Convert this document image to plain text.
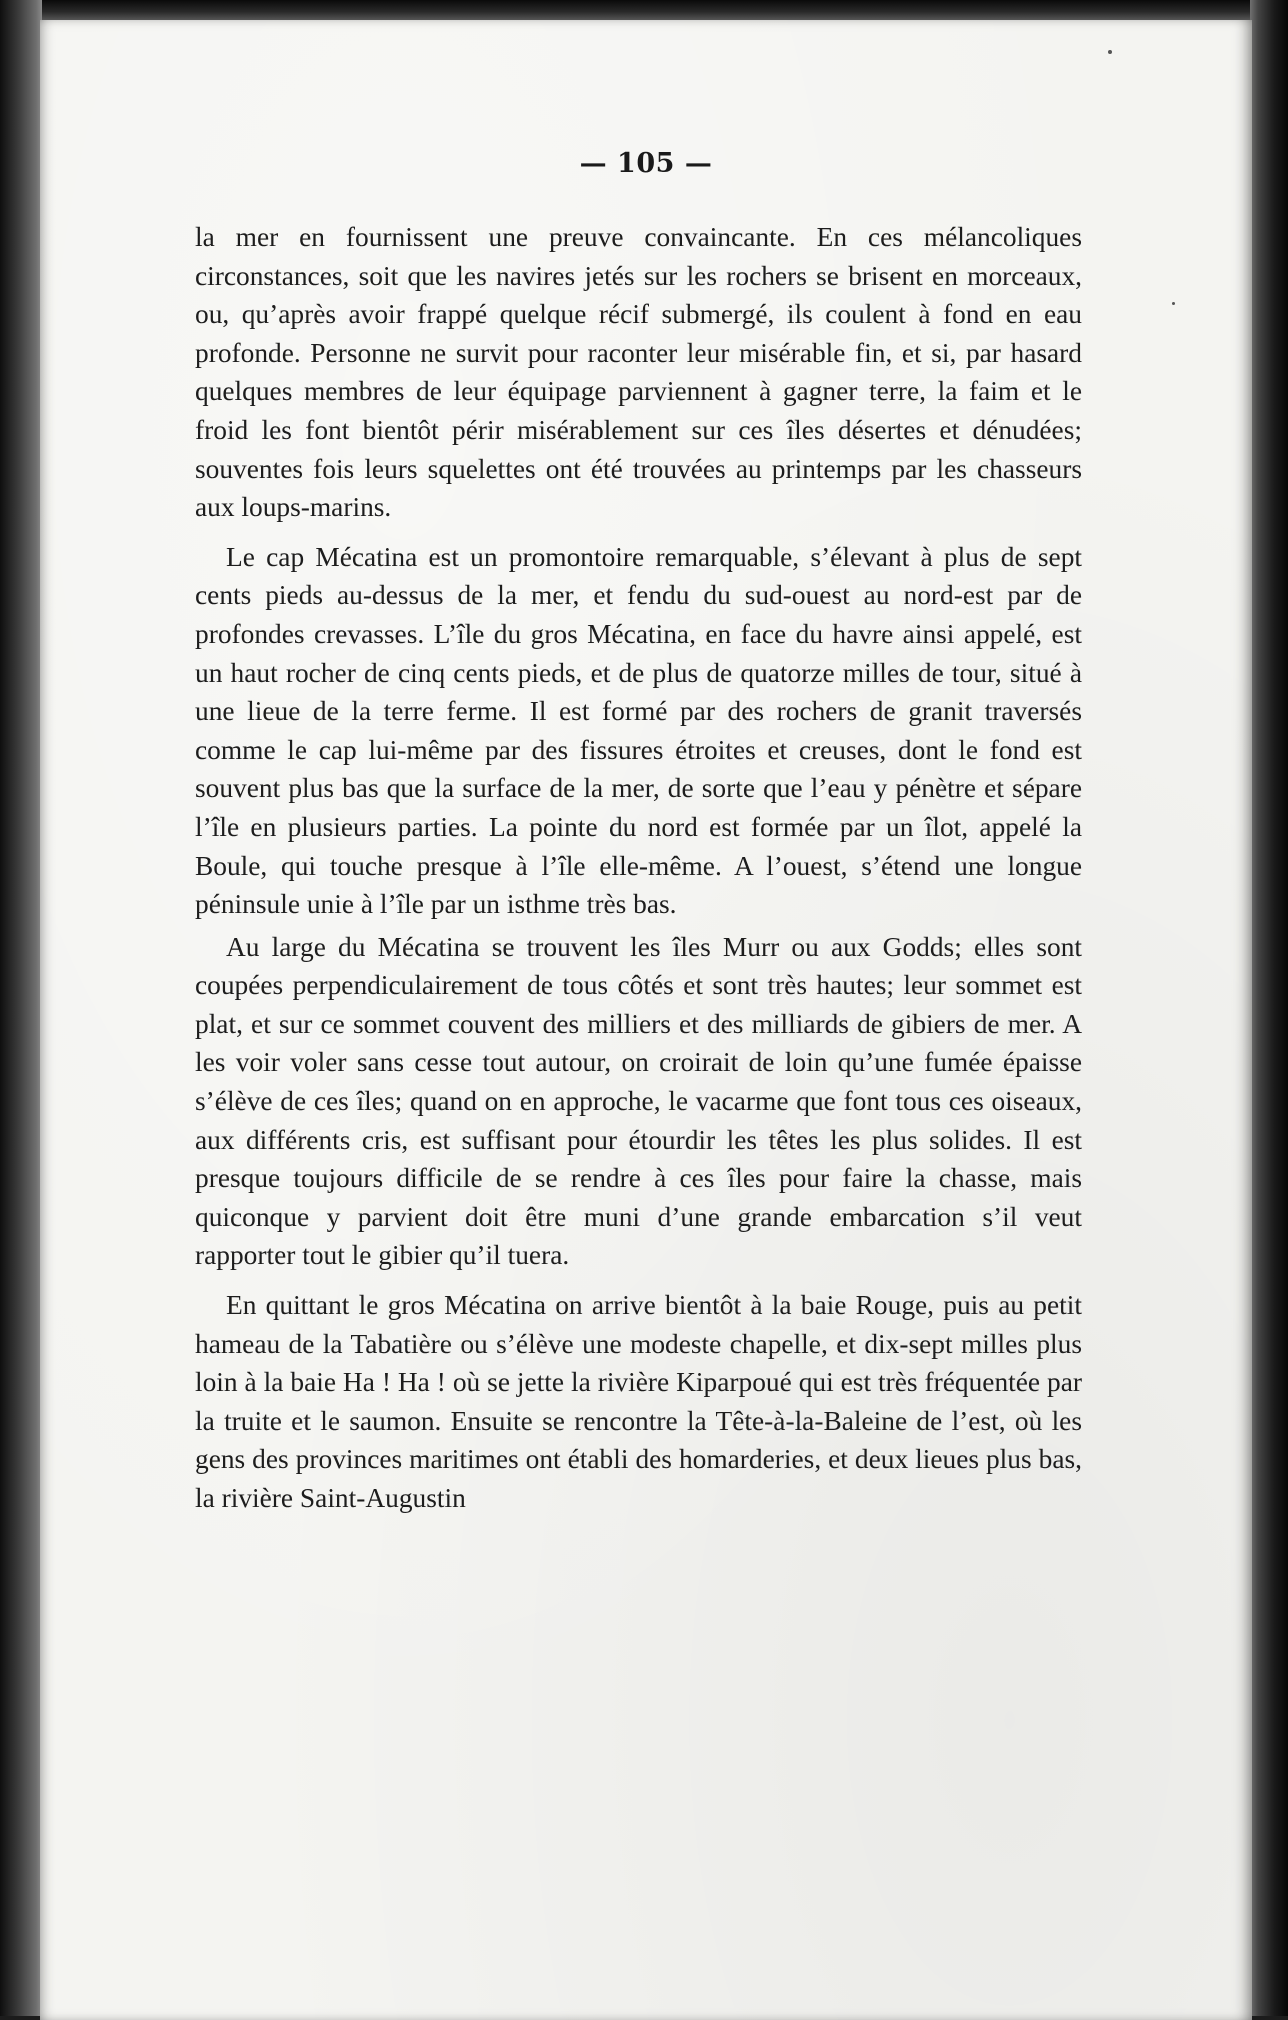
— 105 —

la mer en fournissent une preuve convaincante. En ces mélancoliques circonstances, soit que les navires jetés sur les rochers se brisent en morceaux, ou, qu’après avoir frappé quelque récif submergé, ils coulent à fond en eau profonde. Personne ne survit pour raconter leur misérable fin, et si, par hasard quelques membres de leur équipage parviennent à gagner terre, la faim et le froid les font bientôt périr misérablement sur ces îles désertes et dénudées; souventes fois leurs squelettes ont été trouvées au printemps par les chasseurs aux loups-marins.

Le cap Mécatina est un promontoire remarquable, s’élevant à plus de sept cents pieds au-dessus de la mer, et fendu du sud-ouest au nord-est par de profondes crevasses. L’île du gros Mécatina, en face du havre ainsi appelé, est un haut rocher de cinq cents pieds, et de plus de quatorze milles de tour, situé à une lieue de la terre ferme. Il est formé par des rochers de granit traversés comme le cap lui-même par des fissures étroites et creuses, dont le fond est souvent plus bas que la surface de la mer, de sorte que l’eau y pénètre et sépare l’île en plusieurs parties. La pointe du nord est formée par un îlot, appelé la Boule, qui touche presque à l’île elle-même. A l’ouest, s’étend une longue péninsule unie à l’île par un isthme très bas.

Au large du Mécatina se trouvent les îles Murr ou aux Godds; elles sont coupées perpendiculairement de tous côtés et sont très hautes; leur sommet est plat, et sur ce sommet couvent des milliers et des milliards de gibiers de mer. A les voir voler sans cesse tout autour, on croirait de loin qu’une fumée épaisse s’élève de ces îles; quand on en approche, le vacarme que font tous ces oiseaux, aux différents cris, est suffisant pour étourdir les têtes les plus solides. Il est presque toujours difficile de se rendre à ces îles pour faire la chasse, mais quiconque y parvient doit être muni d’une grande embarcation s’il veut rapporter tout le gibier qu’il tuera.

En quittant le gros Mécatina on arrive bientôt à la baie Rouge, puis au petit hameau de la Tabatière ou s’élève une modeste chapelle, et dix-sept milles plus loin à la baie Ha ! Ha ! où se jette la rivière Kiparpoué qui est très fréquentée par la truite et le saumon. Ensuite se rencontre la Tête-à-la-Baleine de l’est, où les gens des provinces maritimes ont établi des homarderies, et deux lieues plus bas, la rivière Saint-Augustin
